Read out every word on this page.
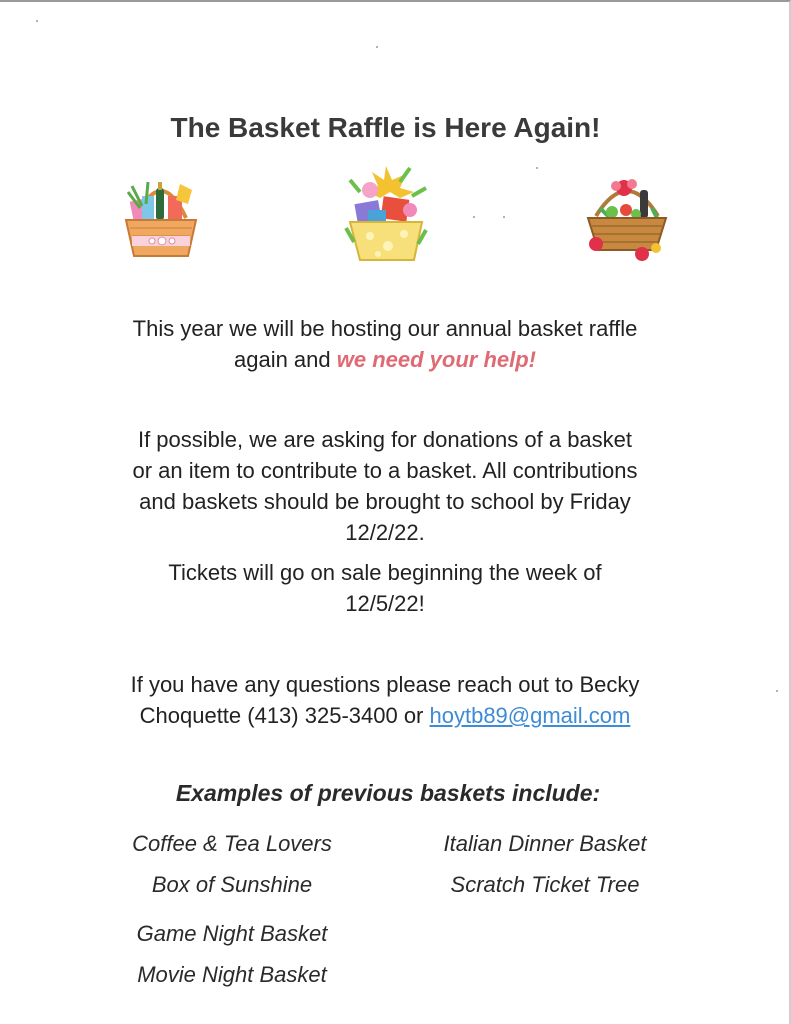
The Basket Raffle is Here Again!
This year we will be hosting our annual basket raffle
again and we need your help!
If possible, we are asking for donations of a basket
or an item to contribute to a basket. All contributions
and baskets should be brought to school by Friday
12/2/22.
Tickets will go on sale beginning the week of
12/5/22!
If you have any questions please reach out to Becky
Choquette (413) 325-3400 or hoytb89@gmail.com
Examples of previous baskets include:
Coffee & Tea Lovers
Box of Sunshine
Game Night Basket
Movie Night Basket
Italian Dinner Basket
Scratch Ticket Tree
